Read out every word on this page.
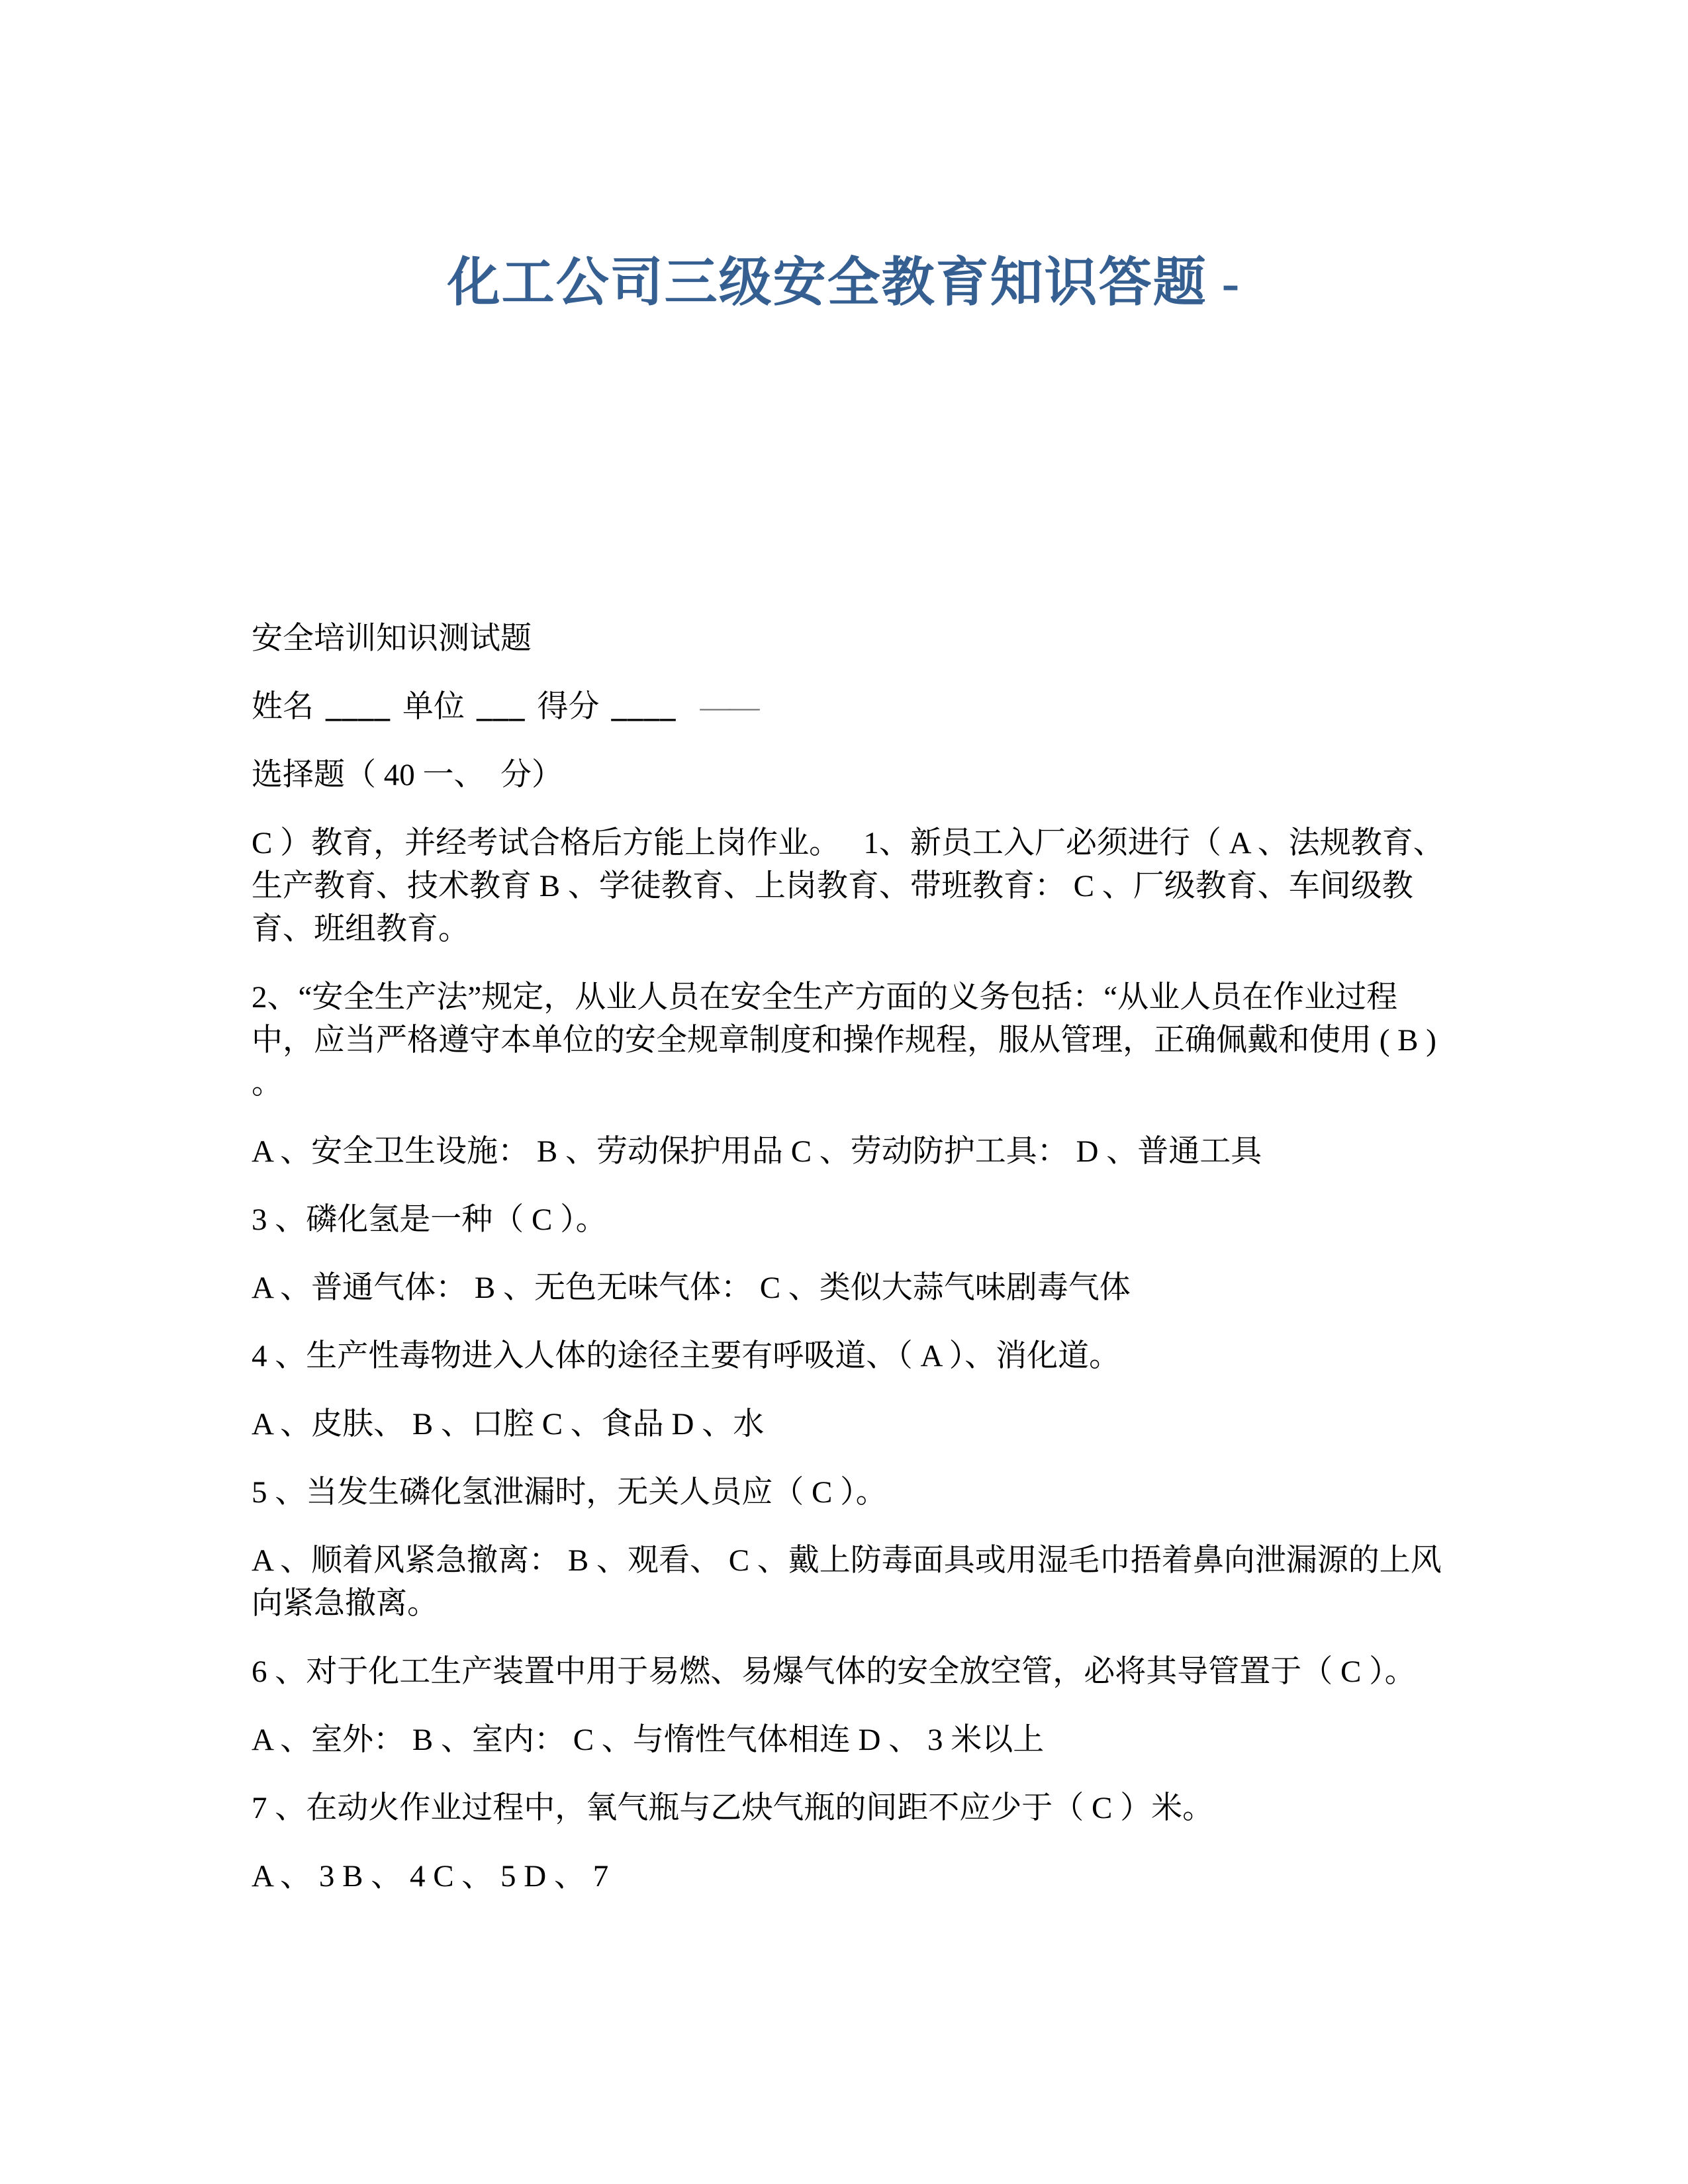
化工公司三级安全教育知识答题 -

安全培训知识测试题

姓名 ____ 单位 ___ 得分 ____ ——

选择题（ 40 一、　分）

C ）教育，并经考试合格后方能上岗作业。　 1、新员工入厂必须进行（ A 、法规教育、生产教育、技术教育 B 、学徒教育、上岗教育、带班教育： C 、厂级教育、车间级教育、班组教育。

2、“安全生产法”规定，从业人员在安全生产方面的义务包括：“从业人员在作业过程中，应当严格遵守本单位的安全规章制度和操作规程，服从管理，正确佩戴和使用 ( B ) 。

A 、安全卫生设施： B 、劳动保护用品 C 、劳动防护工具： D 、普通工具

3 、磷化氢是一种（ C ）。

A 、普通气体： B 、无色无味气体： C 、类似大蒜气味剧毒气体

4 、生产性毒物进入人体的途径主要有呼吸道、（ A ）、消化道。

A 、皮肤、 B 、口腔 C 、食品 D 、水

5 、当发生磷化氢泄漏时，无关人员应（ C ）。

A 、顺着风紧急撤离： B 、观看、 C 、戴上防毒面具或用湿毛巾捂着鼻向泄漏源的上风向紧急撤离。

6 、对于化工生产装置中用于易燃、易爆气体的安全放空管，必将其导管置于（ C ）。

A 、室外： B 、室内： C 、与惰性气体相连 D 、 3 米以上

7 、在动火作业过程中，氧气瓶与乙炔气瓶的间距不应少于（ C ）米。

A 、 3 B 、 4 C 、 5 D 、 7
